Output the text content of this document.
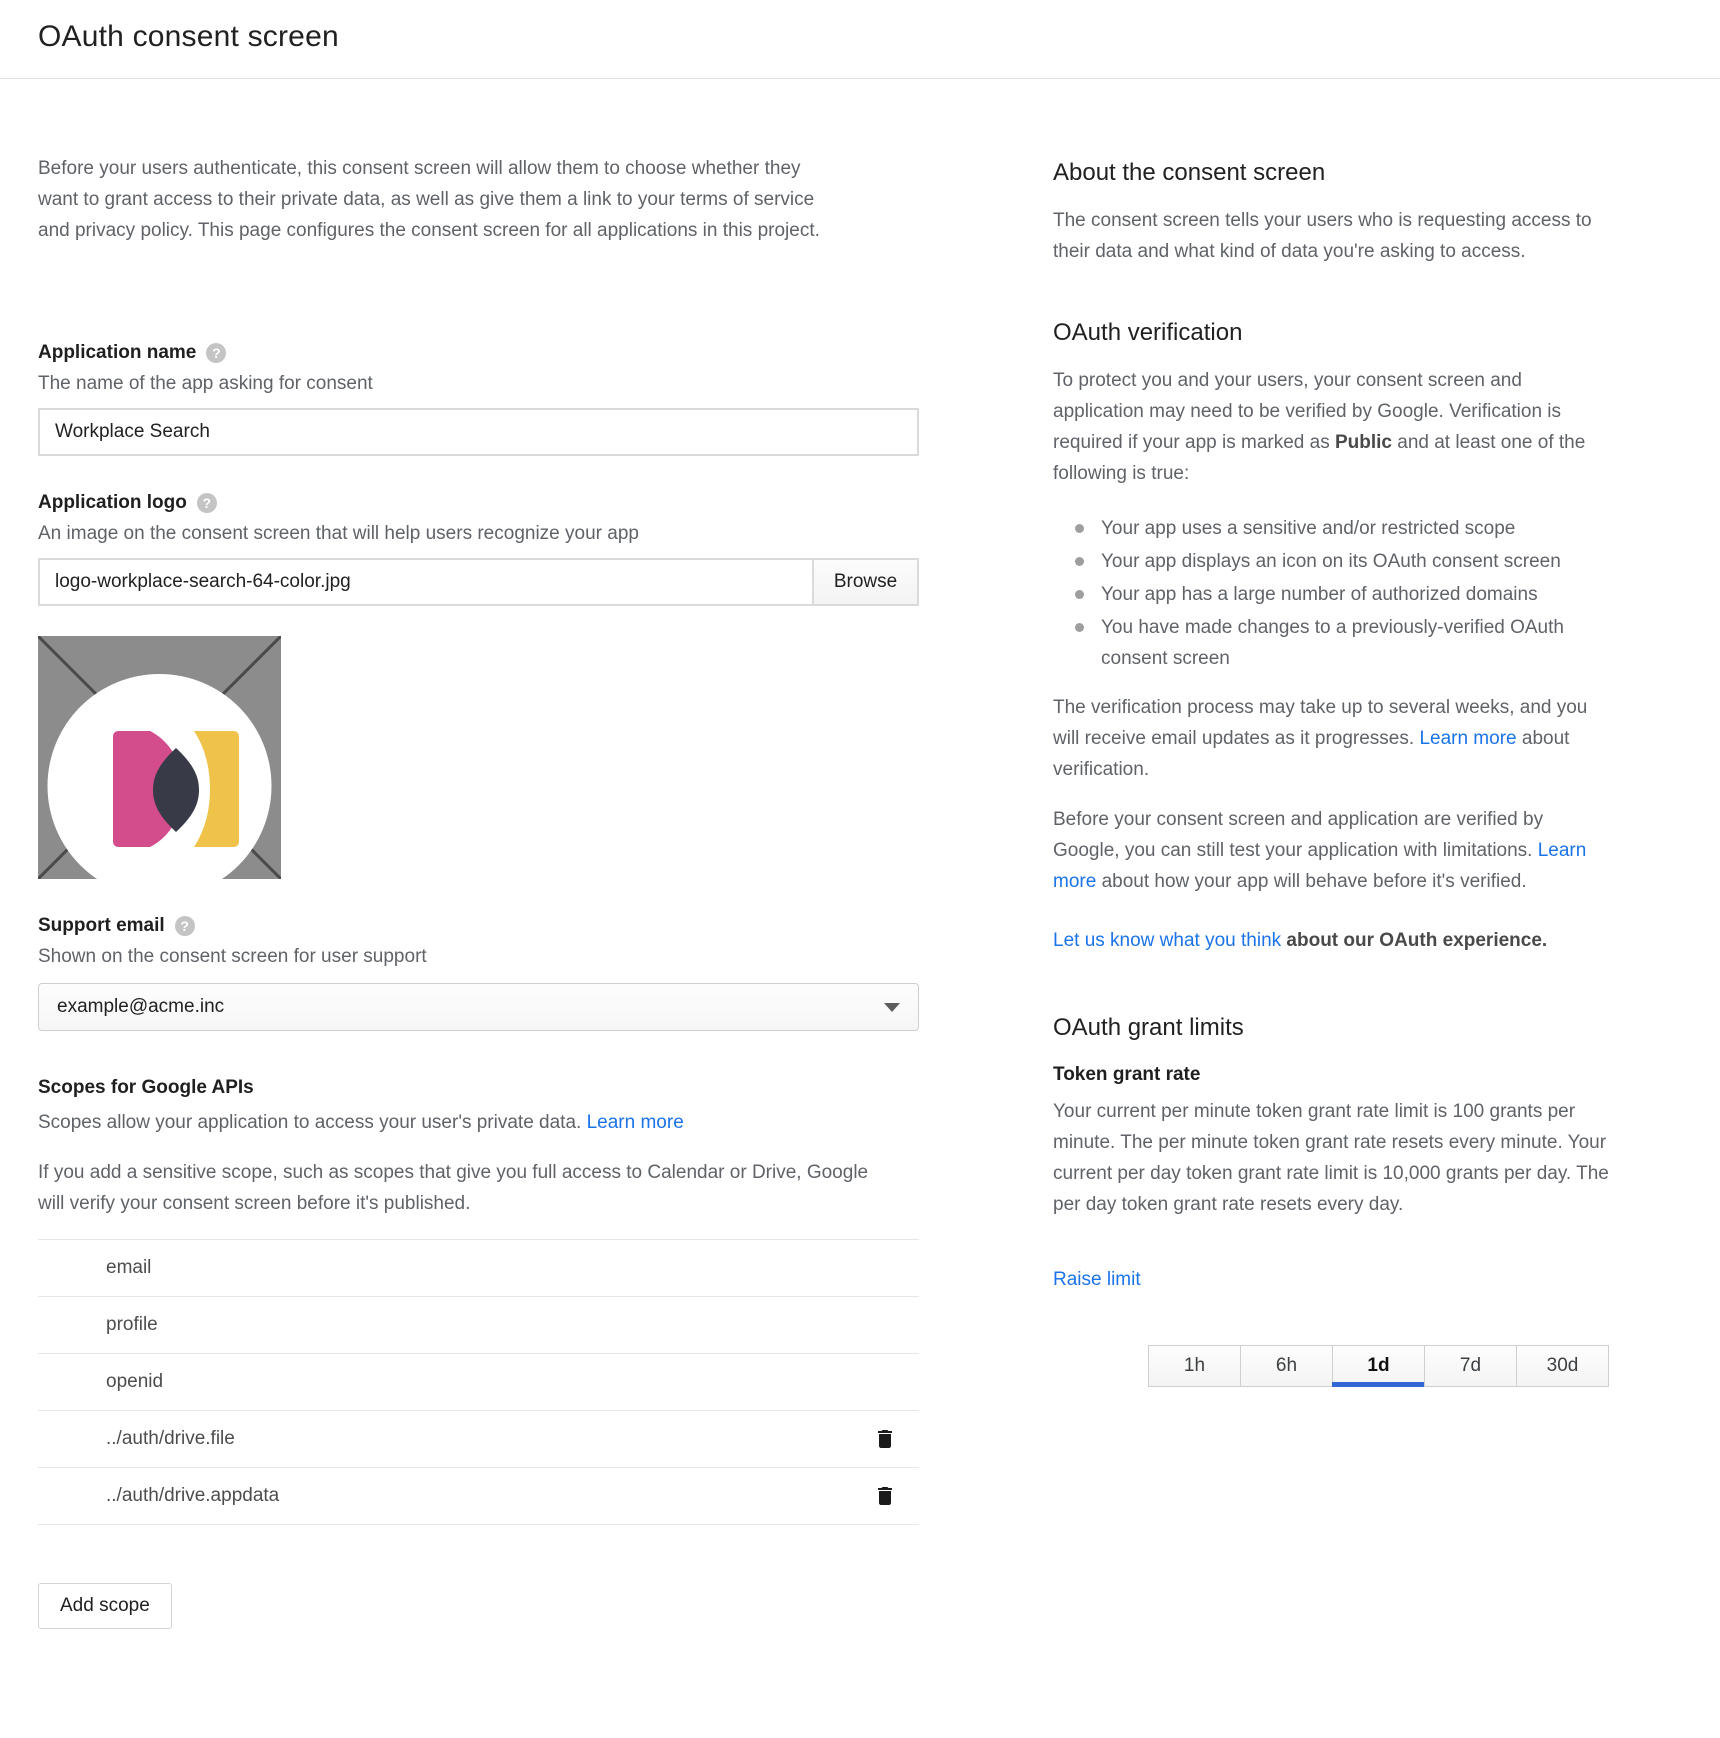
OAuth consent screen

Before your users authenticate, this consent screen will allow them to choose whether they want to grant access to their private data, as well as give them a link to your terms of service and privacy policy. This page configures the consent screen for all applications in this project.

Application name	?
The name of the app asking for consent
Workplace Search
Application logo	?
An image on the consent screen that will help users recognize your app
logo-workplace-search-64-color.jpg
Browse
Support email	?
Shown on the consent screen for user support
example@acme.inc
Scopes for Google APIs

Scopes allow your application to access your user's private data. Learn more

If you add a sensitive scope, such as scopes that give you full access to Calendar or Drive, Google will verify your consent screen before it's published.

email
profile
openid
../auth/drive.file
../auth/drive.appdata
Add scope
About the consent screen

The consent screen tells your users who is requesting access to their data and what kind of data you're asking to access.

OAuth verification

To protect you and your users, your consent screen and application may need to be verified by Google. Verification is required if your app is marked as Public and at least one of the following is true:

Your app uses a sensitive and/or restricted scope
Your app displays an icon on its OAuth consent screen
Your app has a large number of authorized domains
You have made changes to a previously-verified OAuth consent screen

The verification process may take up to several weeks, and you will receive email updates as it progresses. Learn more about verification.

Before your consent screen and application are verified by Google, you can still test your application with limitations. Learn more about how your app will behave before it's verified.

Let us know what you think about our OAuth experience.

OAuth grant limits
Token grant rate

Your current per minute token grant rate limit is 100 grants per minute. The per minute token grant rate resets every minute. Your current per day token grant rate limit is 10,000 grants per day. The per day token grant rate resets every day.

Raise limit
1h	6h	1d	7d	30d
